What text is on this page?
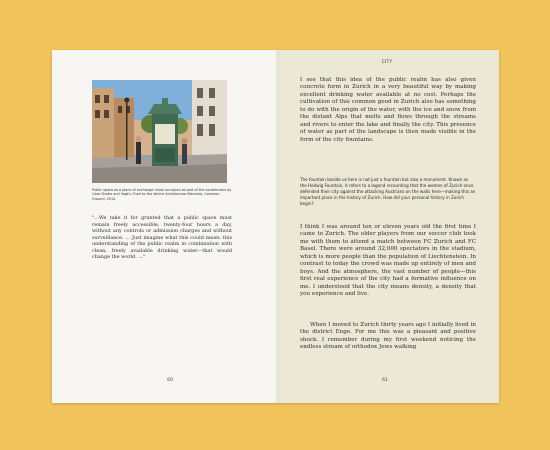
Public space as a place of exchange: kiosk occupied as part of the contribution by Case Studio and Vogt's Chair to the Venice Architecture Biennale, Common Ground, 2012.
"...We take it for granted that a public space must remain freely accessible, twenty-four hours a day, without any controls or admission charges and without surveillance. ... Just imagine what this could mean: this understanding of the public realm in combination with clean, freely available drinking water—that would change the world. ..."
60
CITY

I see that this idea of the public realm has also given concrete form in Zurich in a very beautiful way by making excellent drinking water available at no cost. Perhaps the cultivation of this common good in Zurich also has something to do with the origin of the water, with the ice and snow from the distant Alps that melts and flows through the streams and rivers to enter the lake and finally the city. This presence of water as part of the landscape is then made visible in the form of the city fountains.

The fountain beside us here is not just a fountain but also a monument. Known as the Hedwig Fountain, it refers to a legend recounting that the women of Zurich once defended their city against the attacking Austrians on the walls here—making this an important place in the history of Zurich. How did your personal history in Zurich begin?

I think I was around ten or eleven years old the first time I came to Zurich. The older players from our soccer club took me with them to attend a match between FC Zurich and FC Basel. There were around 32,000 spectators in the stadium, which is more people than the population of Liechtenstein. In contrast to today the crowd was made up entirely of men and boys. And the atmosphere, the vast number of people—this first real experience of the city had a formative influence on me. I understood that the city means density, a density that you experience and live.

When I moved to Zurich thirty years ago I initially lived in the district Enge. For me this was a pleasant and positive shock. I remember during my first weekend noticing the endless stream of orthodox Jews walking

61
